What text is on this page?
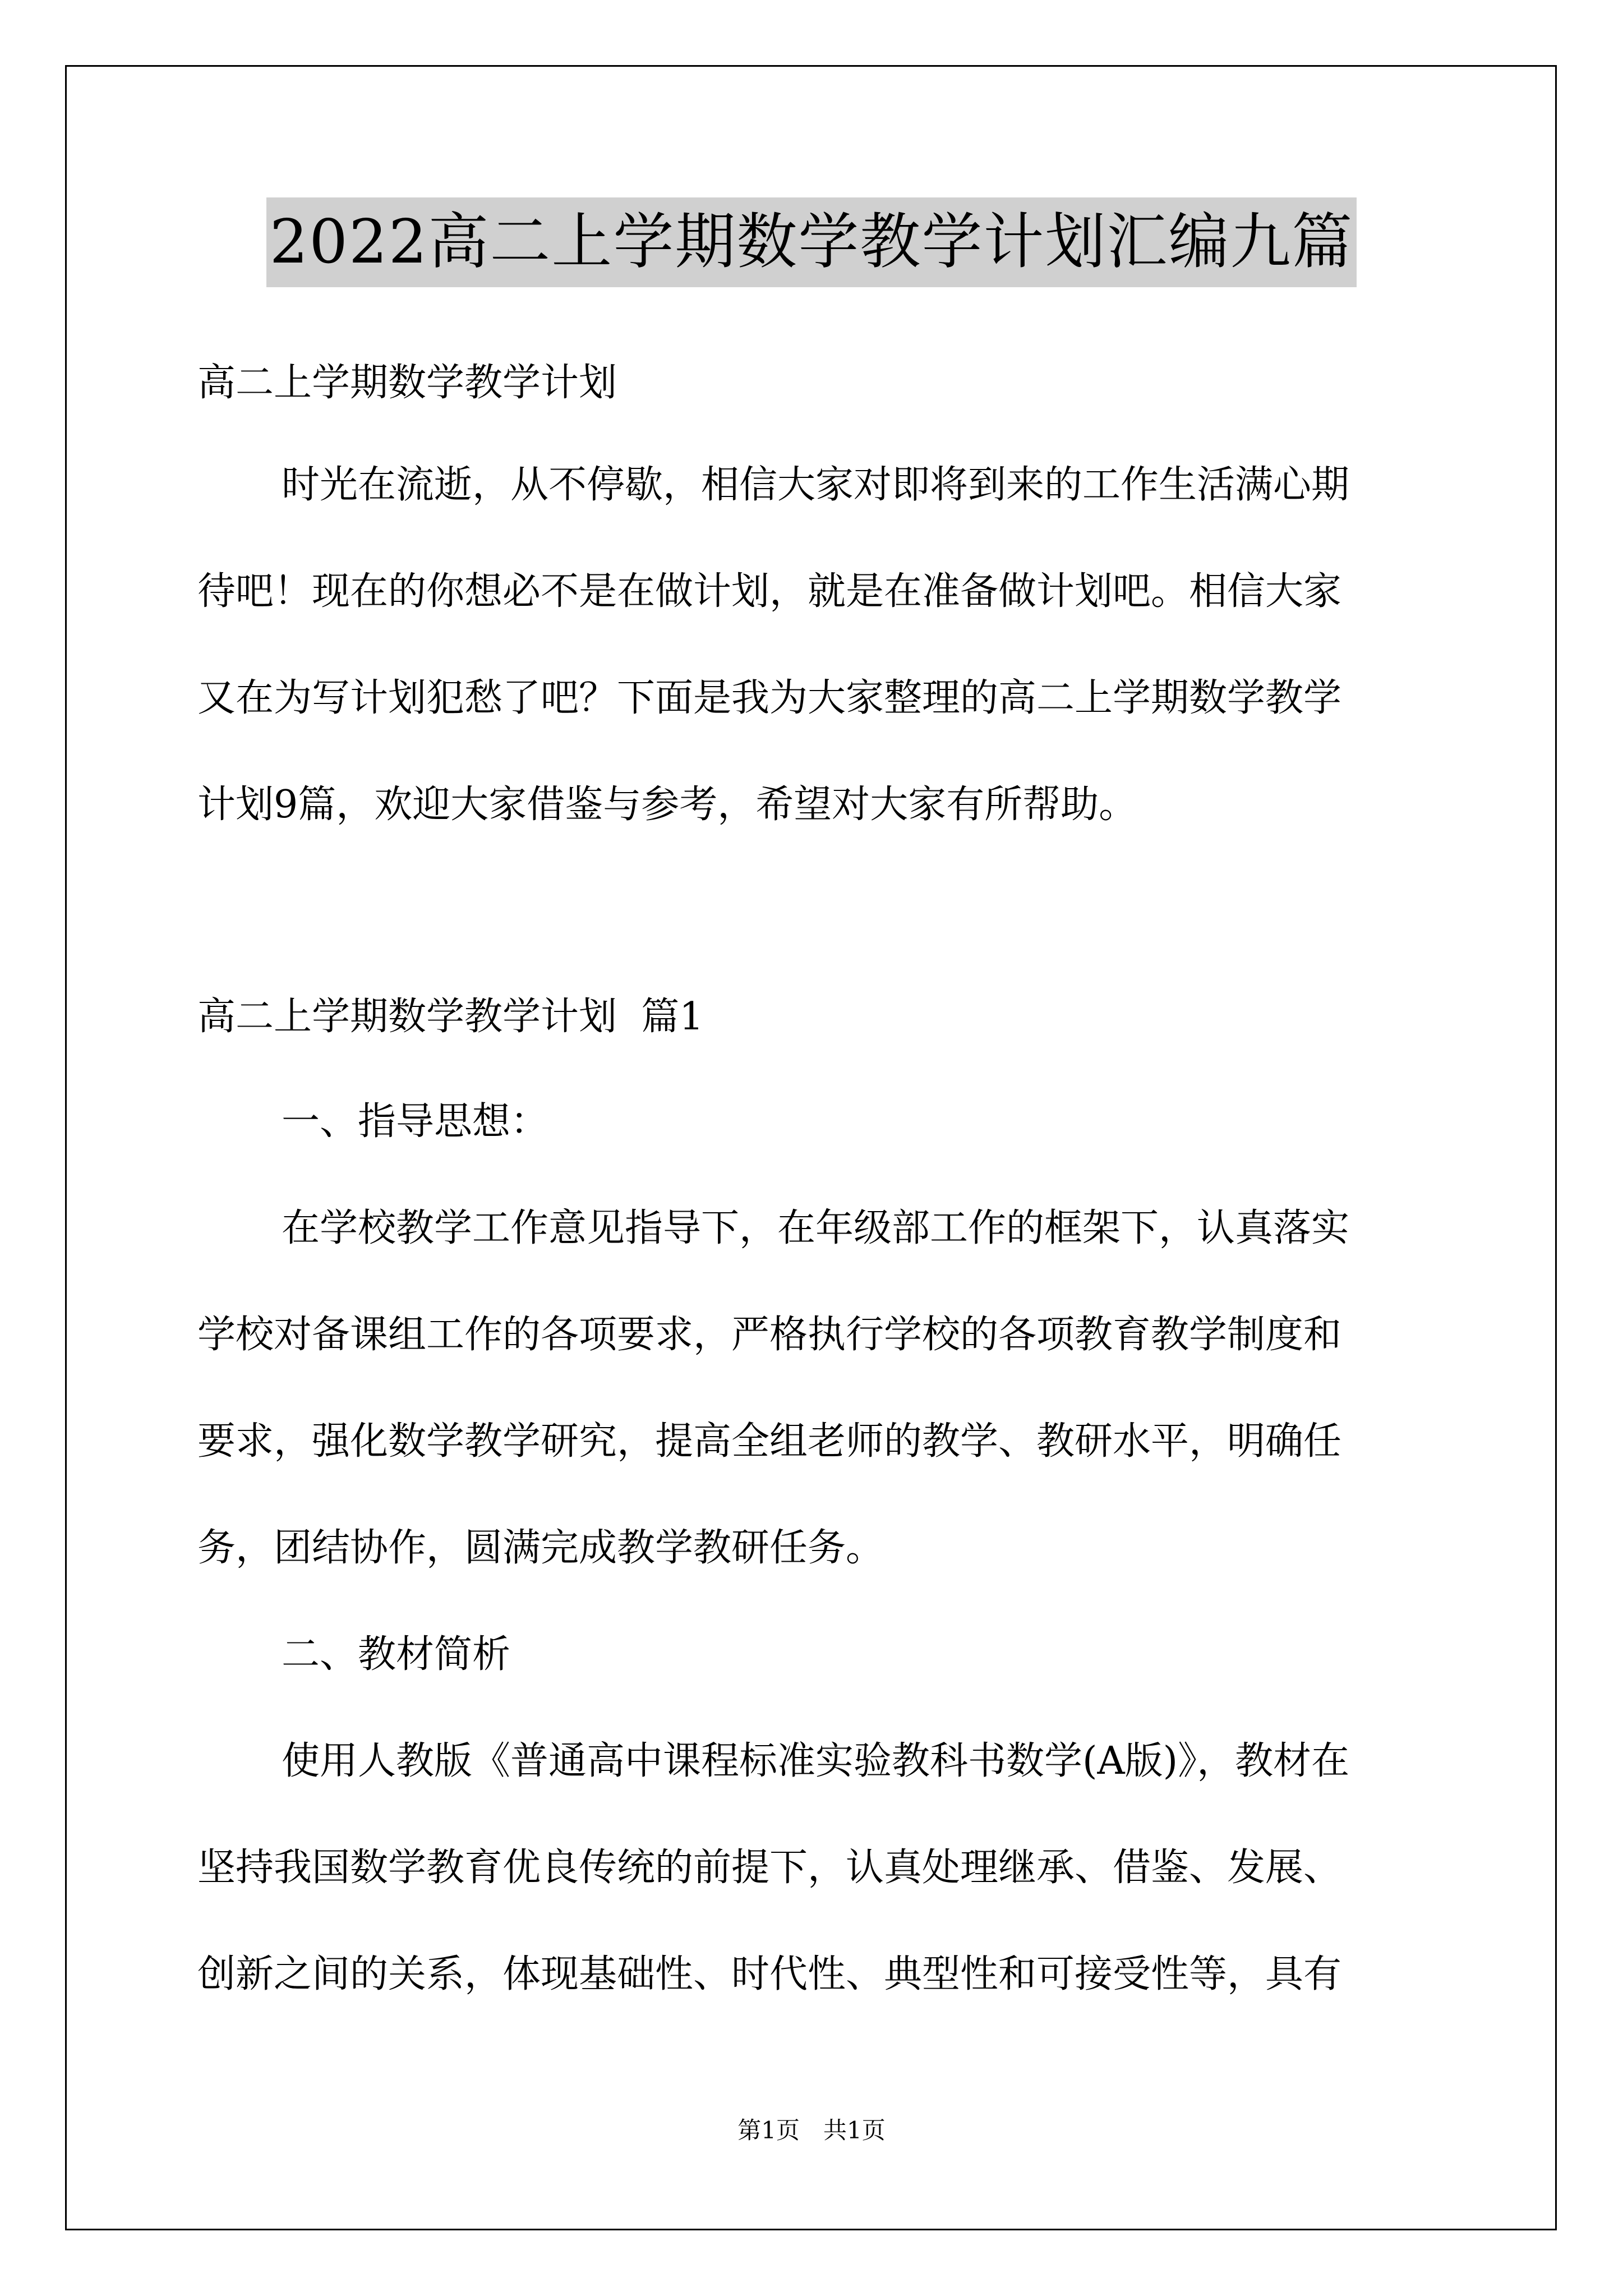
2022高二上学期数学教学计划汇编九篇
高二上学期数学教学计划
时光在流逝，从不停歇，相信大家对即将到来的工作生活满心期
待吧！现在的你想必不是在做计划，就是在准备做计划吧。相信大家
又在为写计划犯愁了吧？下面是我为大家整理的高二上学期数学教学
计划9篇，欢迎大家借鉴与参考，希望对大家有所帮助。
高二上学期数学教学计划  篇1
一、指导思想：
在学校教学工作意见指导下，在年级部工作的框架下，认真落实
学校对备课组工作的各项要求，严格执行学校的各项教育教学制度和
要求，强化数学教学研究，提高全组老师的教学、教研水平，明确任
务，团结协作，圆满完成教学教研任务。
二、教材简析
使用人教版《普通高中课程标准实验教科书数学(A版)》，教材在
坚持我国数学教育优良传统的前提下，认真处理继承、借鉴、发展、
创新之间的关系，体现基础性、时代性、典型性和可接受性等，具有
第1页　共1页
